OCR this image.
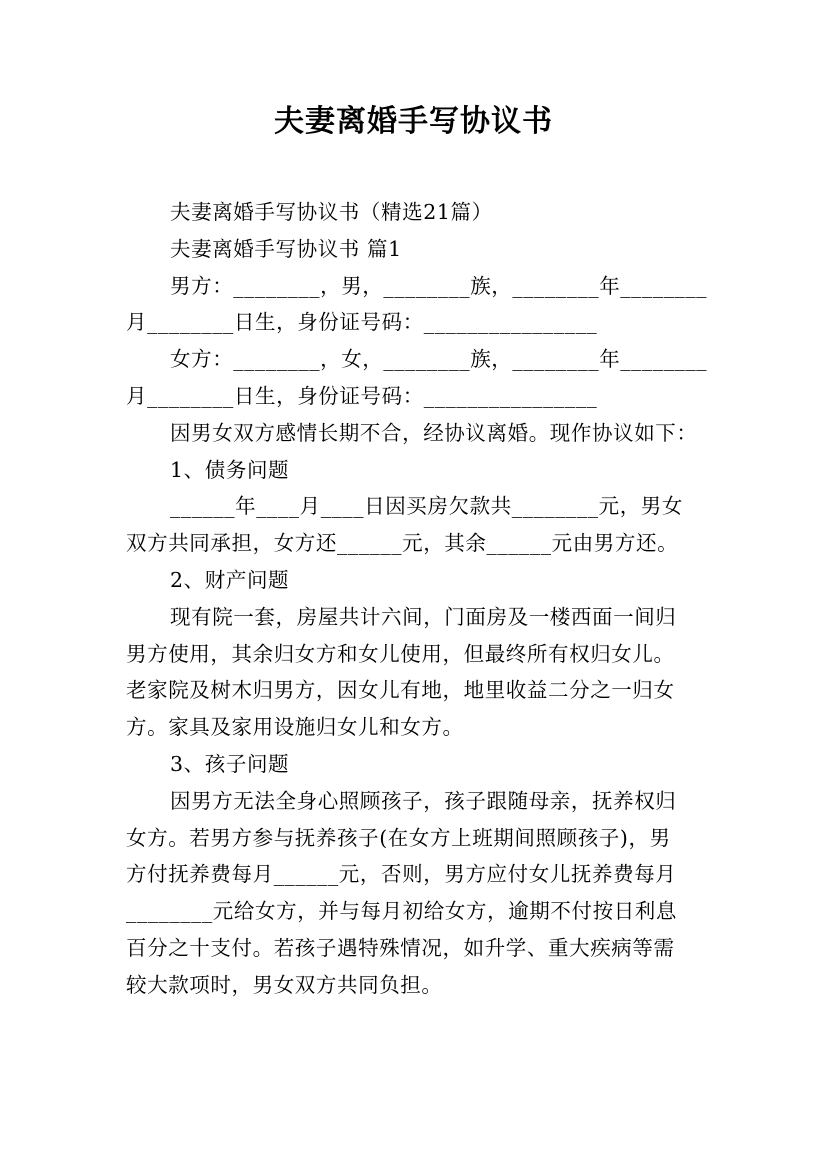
夫妻离婚手写协议书
夫妻离婚手写协议书（精选21篇）
夫妻离婚手写协议书 篇1
男方：________，男，________族，________年________
月________日生，身份证号码：________________
女方：________，女，________族，________年________
月________日生，身份证号码：________________
因男女双方感情长期不合，经协议离婚。现作协议如下：
1、债务问题
______年____月____日因买房欠款共________元，男女
双方共同承担，女方还______元，其余______元由男方还。
2、财产问题
现有院一套，房屋共计六间，门面房及一楼西面一间归
男方使用，其余归女方和女儿使用，但最终所有权归女儿。
老家院及树木归男方，因女儿有地，地里收益二分之一归女
方。家具及家用设施归女儿和女方。
3、孩子问题
因男方无法全身心照顾孩子，孩子跟随母亲，抚养权归
女方。若男方参与抚养孩子(在女方上班期间照顾孩子)，男
方付抚养费每月______元，否则，男方应付女儿抚养费每月
________元给女方，并与每月初给女方，逾期不付按日利息
百分之十支付。若孩子遇特殊情况，如升学、重大疾病等需
较大款项时，男女双方共同负担。
